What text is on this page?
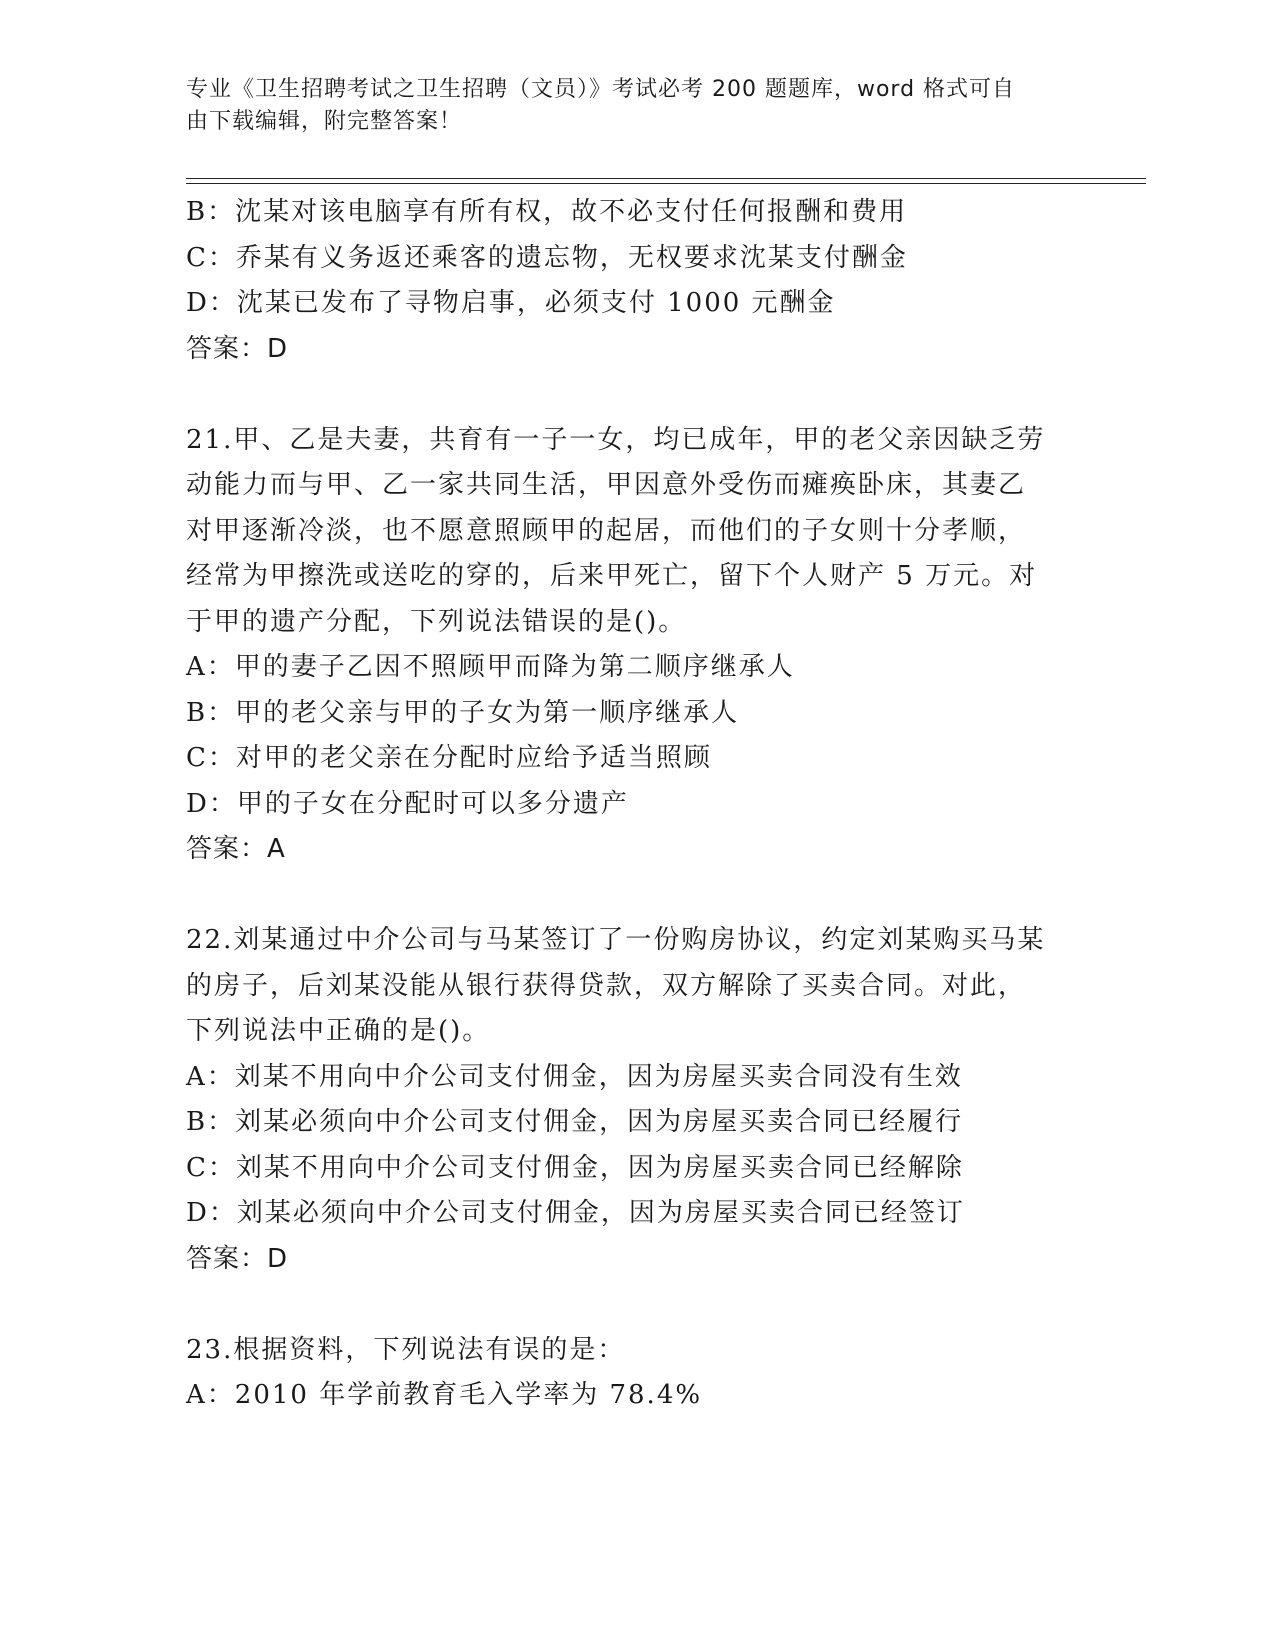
专业《卫生招聘考试之卫生招聘（文员）》考试必考 200 题题库，word 格式可自
由下载编辑，附完整答案！

B：沈某对该电脑享有所有权，故不必支付任何报酬和费用

C：乔某有义务返还乘客的遗忘物，无权要求沈某支付酬金

D：沈某已发布了寻物启事，必须支付 1000 元酬金

答案：D

21.甲、乙是夫妻，共育有一子一女，均已成年，甲的老父亲因缺乏劳

动能力而与甲、乙一家共同生活，甲因意外受伤而瘫痪卧床，其妻乙

对甲逐渐冷淡，也不愿意照顾甲的起居，而他们的子女则十分孝顺，

经常为甲擦洗或送吃的穿的，后来甲死亡，留下个人财产 5 万元。对

于甲的遗产分配，下列说法错误的是()。

A：甲的妻子乙因不照顾甲而降为第二顺序继承人

B：甲的老父亲与甲的子女为第一顺序继承人

C：对甲的老父亲在分配时应给予适当照顾

D：甲的子女在分配时可以多分遗产

答案：A

22.刘某通过中介公司与马某签订了一份购房协议，约定刘某购买马某

的房子，后刘某没能从银行获得贷款，双方解除了买卖合同。对此，

下列说法中正确的是()。

A：刘某不用向中介公司支付佣金，因为房屋买卖合同没有生效

B：刘某必须向中介公司支付佣金，因为房屋买卖合同已经履行

C：刘某不用向中介公司支付佣金，因为房屋买卖合同已经解除

D：刘某必须向中介公司支付佣金，因为房屋买卖合同已经签订

答案：D

23.根据资料，下列说法有误的是：

A：2010 年学前教育毛入学率为 78.4%
